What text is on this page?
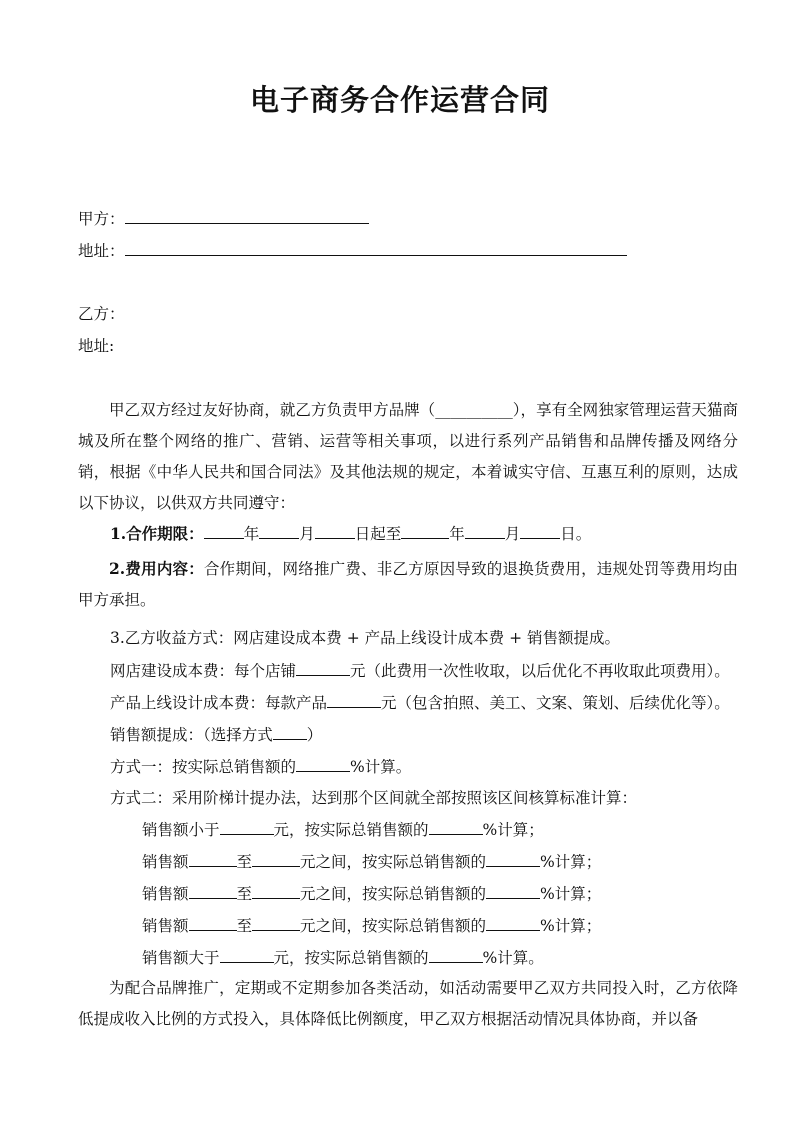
电子商务合作运营合同
甲方：
地址：
乙方：
地址:

甲乙双方经过友好协商，就乙方负责甲方品牌（__________），享有全网独家管理运营天猫商城及所在整个网络的推广、营销、运营等相关事项，以进行系列产品销售和品牌传播及网络分销，根据《中华人民共和国合同法》及其他法规的规定，本着诚实守信、互惠互利的原则，达成以下协议，以供双方共同遵守：

1.合作期限：	年	月	日起至	年	月	日。

2.费用内容：合作期间，网络推广费、非乙方原因导致的退换货费用，违规处罚等费用均由甲方承担。

3.乙方收益方式：网店建设成本费 + 产品上线设计成本费 + 销售额提成。
网店建设成本费：每个店铺	元（此费用一次性收取，以后优化不再收取此项费用）。
产品上线设计成本费：每款产品	元（包含拍照、美工、文案、策划、后续优化等）。
销售额提成：（选择方式 ）
方式一：按实际总销售额的	%计算。
方式二：采用阶梯计提办法，达到那个区间就全部按照该区间核算标准计算：
销售额小于	元，按实际总销售额的	%计算；
销售额	至	元之间，按实际总销售额的	%计算；
销售额	至	元之间，按实际总销售额的	%计算；
销售额	至	元之间，按实际总销售额的	%计算；
销售额大于	元，按实际总销售额的	%计算。

为配合品牌推广，定期或不定期参加各类活动，如活动需要甲乙双方共同投入时，乙方依降低提成收入比例的方式投入，具体降低比例额度，甲乙双方根据活动情况具体协商，并以备
